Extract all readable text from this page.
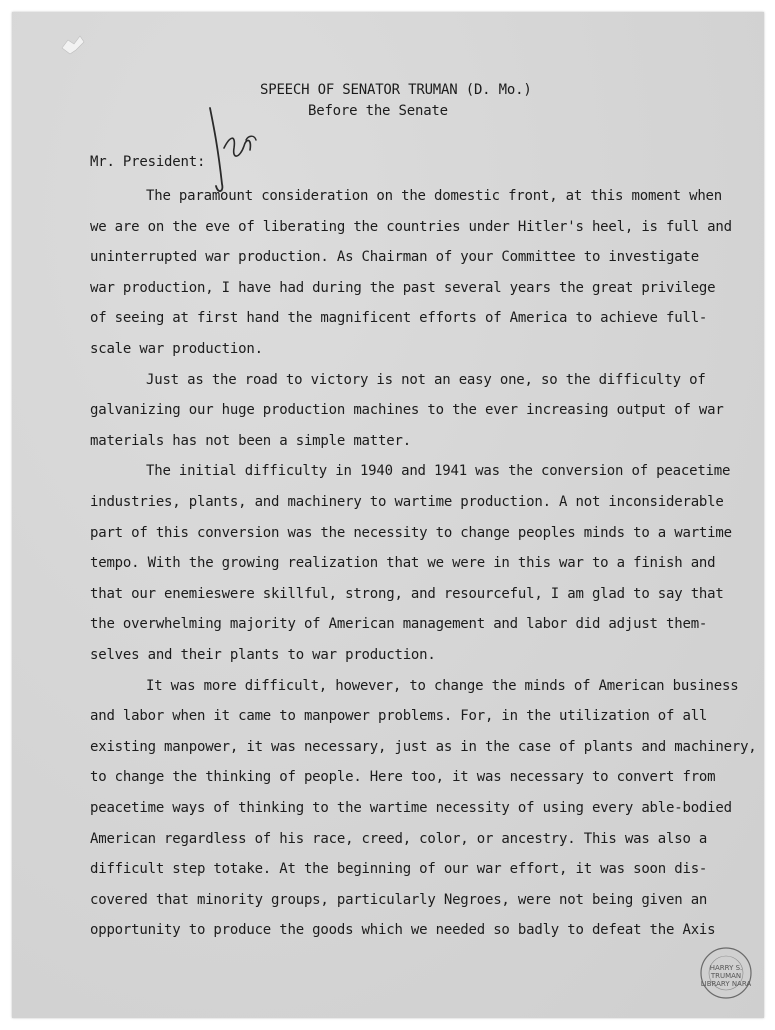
SPEECH OF SENATOR TRUMAN (D. Mo.)
Before the Senate
Mr. President:
The paramount consideration on the domestic front, at this moment when
we are on the eve of liberating the countries under Hitler's heel, is full and
uninterrupted war production. As Chairman of your Committee to investigate
war production, I have had during the past several years the great privilege
of seeing at first hand the magnificent efforts of America to achieve full-
scale war production.
Just as the road to victory is not an easy one, so the difficulty of
galvanizing our huge production machines to the ever increasing output of war
materials has not been a simple matter.
The initial difficulty in 1940 and 1941 was the conversion of peacetime
industries, plants, and machinery to wartime production. A not inconsiderable
part of this conversion was the necessity to change peoples minds to a wartime
tempo. With the growing realization that we were in this war to a finish and
that our enemieswere skillful, strong, and resourceful, I am glad to say that
the overwhelming majority of American management and labor did adjust them-
selves and their plants to war production.
It was more difficult, however, to change the minds of American business
and labor when it came to manpower problems. For, in the utilization of all
existing manpower, it was necessary, just as in the case of plants and machinery,
to change the thinking of people. Here too, it was necessary to convert from
peacetime ways of thinking to the wartime necessity of using every able-bodied
American regardless of his race, creed, color, or ancestry. This was also a
difficult step totake. At the beginning of our war effort, it was soon dis-
covered that minority groups, particularly Negroes, were not being given an
opportunity to produce the goods which we needed so badly to defeat the Axis
HARRY S. TRUMAN LIBRARY NARA
